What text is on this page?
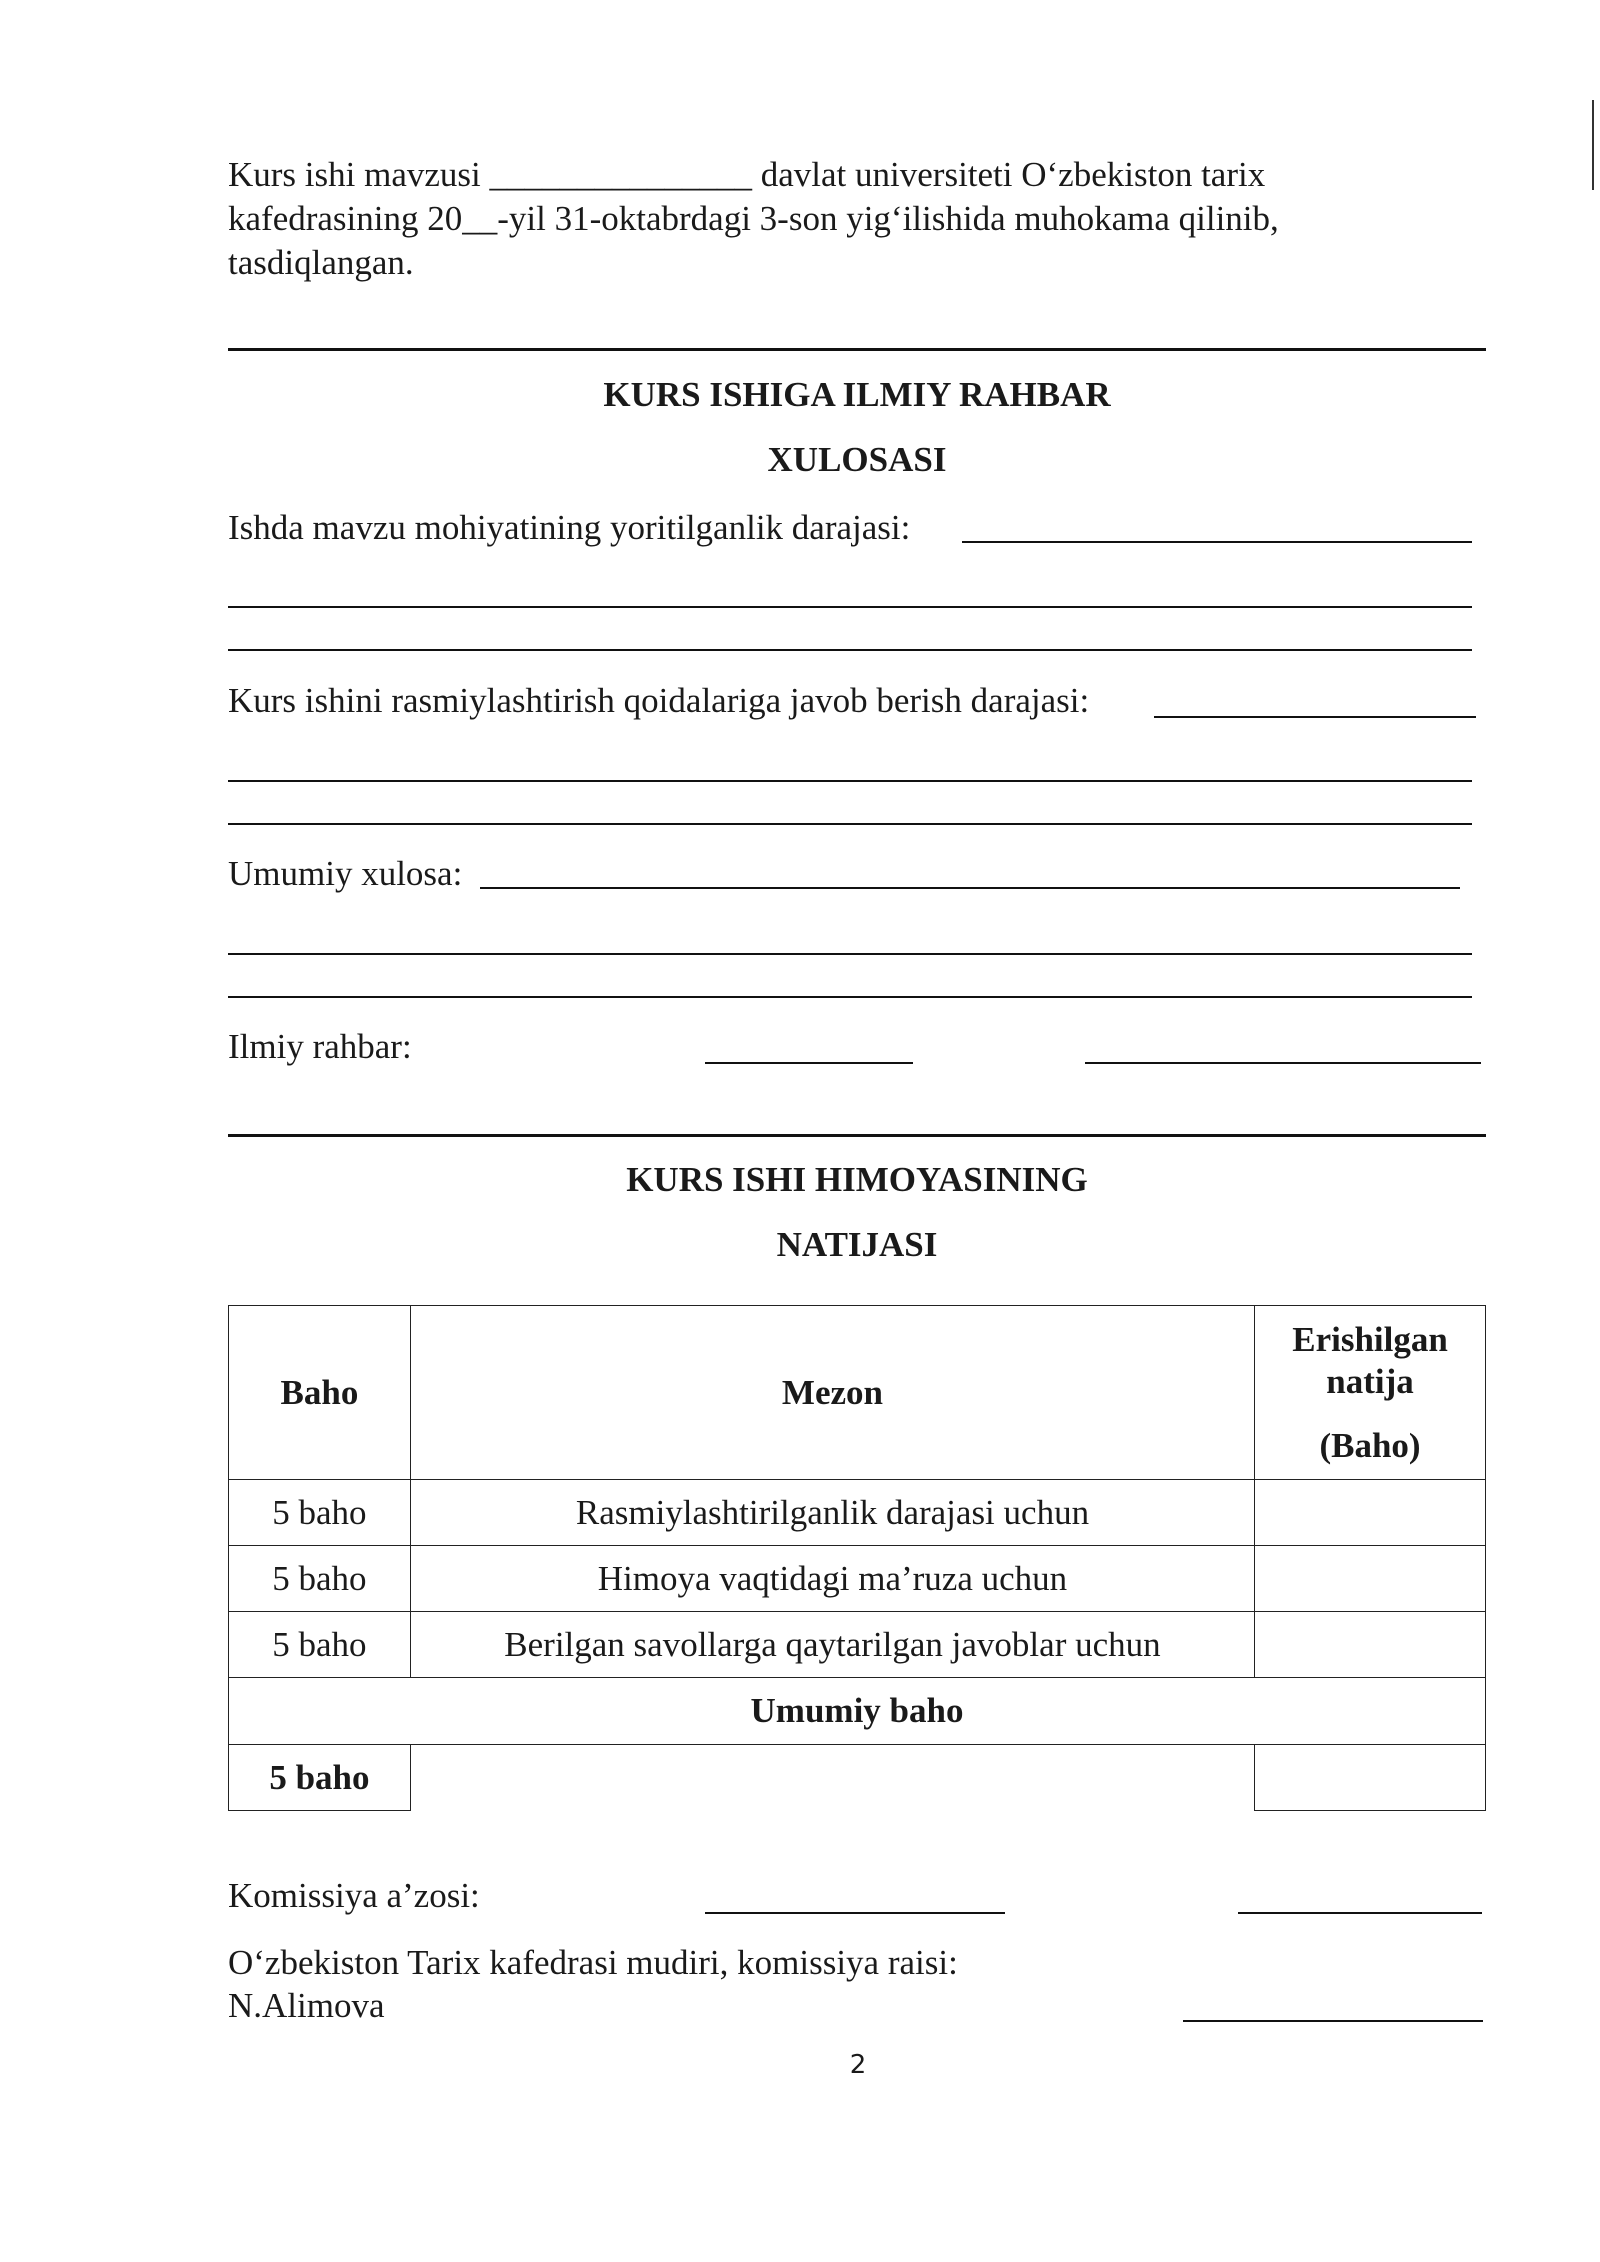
Kurs ishi mavzusi _______________ davlat universiteti O‘zbekiston tarix
kafedrasining 20__-yil 31-oktabrdagi 3-son yig‘ilishida muhokama qilinib,
tasdiqlangan.
KURS ISHIGA ILMIY RAHBAR
XULOSASI
Ishda mavzu mohiyatining yoritilganlik darajasi:
Kurs ishini rasmiylashtirish qoidalariga javob berish darajasi:
Umumiy xulosa:
Ilmiy rahbar:
KURS ISHI HIMOYASINING
NATIJASI
Baho	Mezon	Erishilgan
natija
(Baho)

5 baho	Rasmiylashtirilganlik darajasi uchun	
5 baho	Himoya vaqtidagi ma’ruza uchun	
5 baho	Berilgan savollarga qaytarilgan javoblar uchun	
Umumiy baho		
5 baho		
Komissiya a’zosi:
O‘zbekiston Tarix kafedrasi mudiri, komissiya raisi:
N.Alimova
2
